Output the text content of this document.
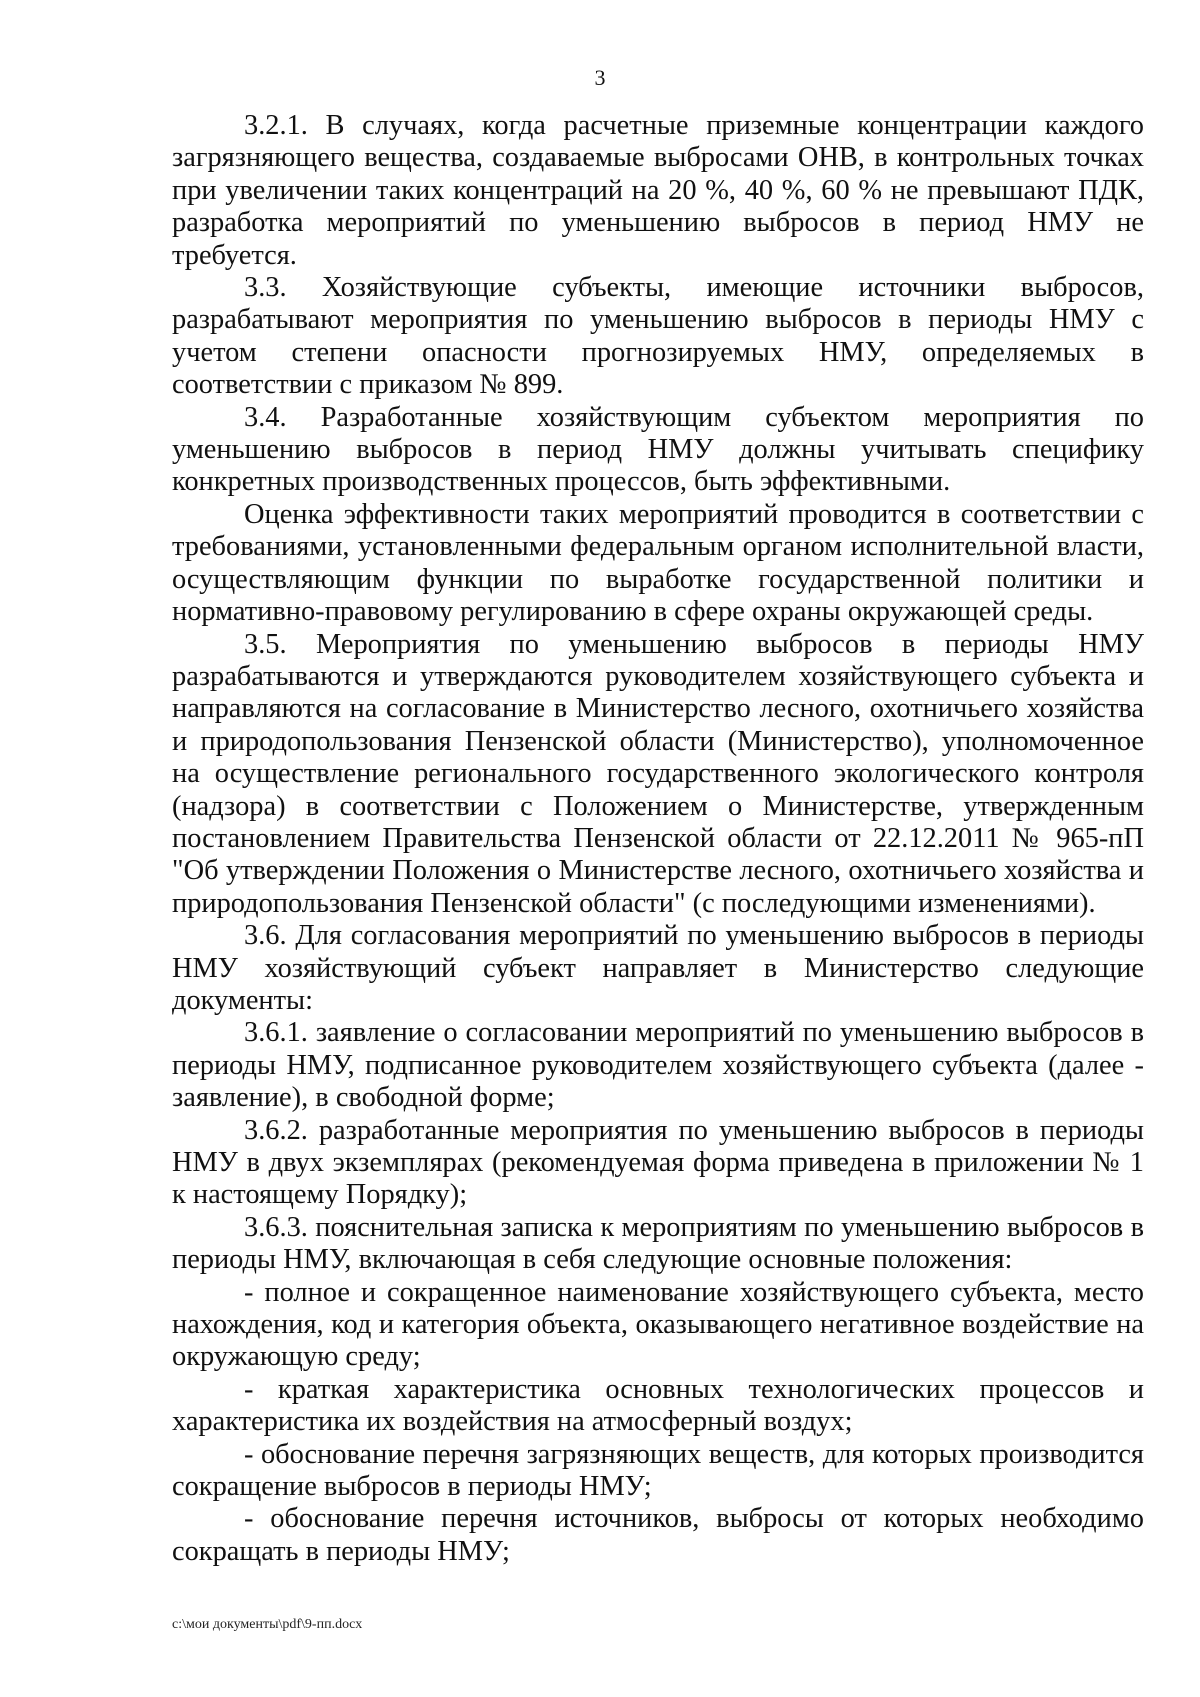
3

3.2.1. В случаях, когда расчетные приземные концентрации каждого загрязняющего вещества, создаваемые выбросами ОНВ, в контрольных точках при увеличении таких концентраций на 20 %, 40 %, 60 % не превышают ПДК, разработка мероприятий по уменьшению выбросов в период НМУ не требуется.

3.3. Хозяйствующие субъекты, имеющие источники выбросов, разрабатывают мероприятия по уменьшению выбросов в периоды НМУ с учетом степени опасности прогнозируемых НМУ, определяемых в соответствии с приказом № 899.

3.4. Разработанные хозяйствующим субъектом мероприятия по уменьшению выбросов в период НМУ должны учитывать специфику конкретных производственных процессов, быть эффективными.

Оценка эффективности таких мероприятий проводится в соответствии с требованиями, установленными федеральным органом исполнительной власти, осуществляющим функции по выработке государственной политики и нормативно-правовому регулированию в сфере охраны окружающей среды.

3.5. Мероприятия по уменьшению выбросов в периоды НМУ разрабатываются и утверждаются руководителем хозяйствующего субъекта и направляются на согласование в Министерство лесного, охотничьего хозяйства и природопользования Пензенской области (Министерство), уполномоченное на осуществление регионального государственного экологического контроля (надзора) в соответствии с Положением о Министерстве, утвержденным постановлением Правительства Пензенской области от 22.12.2011 № 965-пП "Об утверждении Положения о Министерстве лесного, охотничьего хозяйства и природопользования Пензенской области" (с последующими изменениями).

3.6. Для согласования мероприятий по уменьшению выбросов в периоды НМУ хозяйствующий субъект направляет в Министерство следующие документы:

3.6.1. заявление о согласовании мероприятий по уменьшению выбросов в периоды НМУ, подписанное руководителем хозяйствующего субъекта (далее - заявление), в свободной форме;

3.6.2. разработанные мероприятия по уменьшению выбросов в периоды НМУ в двух экземплярах (рекомендуемая форма приведена в приложении № 1 к настоящему Порядку);

3.6.3. пояснительная записка к мероприятиям по уменьшению выбросов в периоды НМУ, включающая в себя следующие основные положения:

- полное и сокращенное наименование хозяйствующего субъекта, место нахождения, код и категория объекта, оказывающего негативное воздействие на окружающую среду;

- краткая характеристика основных технологических процессов и характеристика их воздействия на атмосферный воздух;

- обоснование перечня загрязняющих веществ, для которых производится сокращение выбросов в периоды НМУ;

- обоснование перечня источников, выбросы от которых необходимо сокращать в периоды НМУ;

c:\мои документы\pdf\9-пп.docx
